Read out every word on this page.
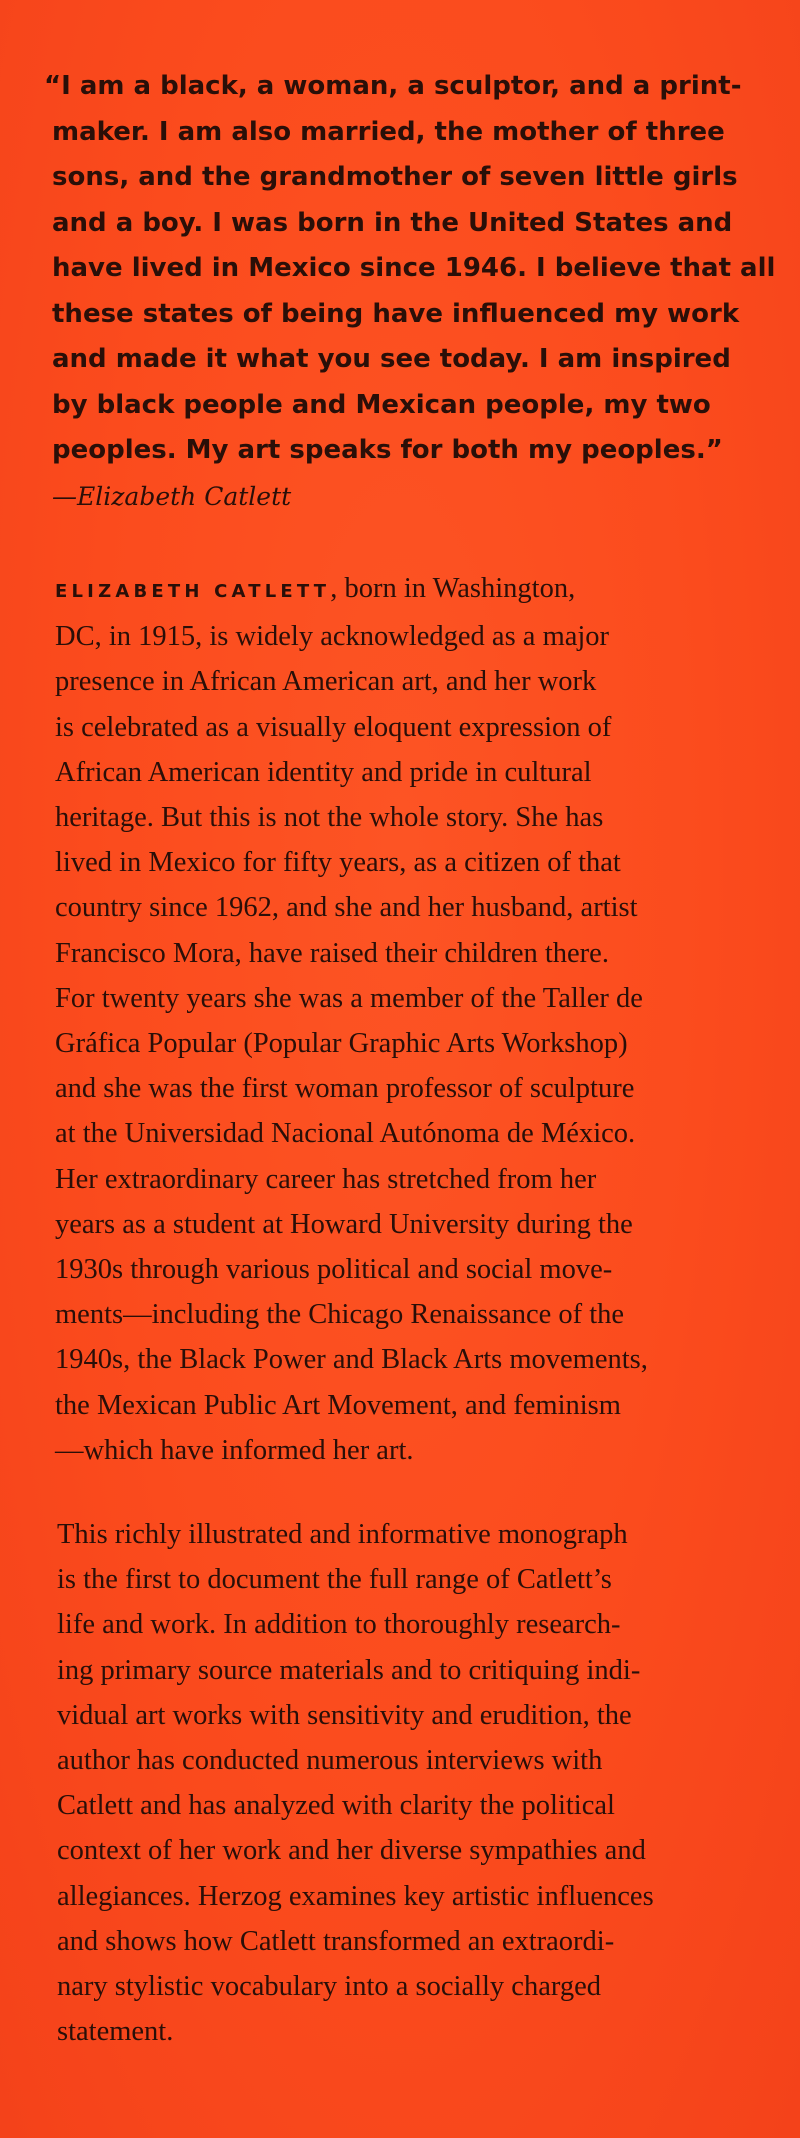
“I am a black, a woman, a sculptor, and a print-

maker. I am also married, the mother of three

sons, and the grandmother of seven little girls

and a boy. I was born in the United States and

have lived in Mexico since 1946. I believe that all

these states of being have influenced my work

and made it what you see today. I am inspired

by black people and Mexican people, my two

peoples. My art speaks for both my peoples.”

—Elizabeth Catlett

ELIZABETH CATLETT, born in Washington,

DC, in 1915, is widely acknowledged as a major

presence in African American art, and her work

is celebrated as a visually eloquent expression of

African American identity and pride in cultural

heritage. But this is not the whole story. She has

lived in Mexico for fifty years, as a citizen of that

country since 1962, and she and her husband, artist

Francisco Mora, have raised their children there.

For twenty years she was a member of the Taller de

Gráfica Popular (Popular Graphic Arts Workshop)

and she was the first woman professor of sculpture

at the Universidad Nacional Autónoma de México.

Her extraordinary career has stretched from her

years as a student at Howard University during the

1930s through various political and social move-

ments—including the Chicago Renaissance of the

1940s, the Black Power and Black Arts movements,

the Mexican Public Art Movement, and feminism

—which have informed her art.

This richly illustrated and informative monograph

is the first to document the full range of Catlett’s

life and work. In addition to thoroughly research-

ing primary source materials and to critiquing indi-

vidual art works with sensitivity and erudition, the

author has conducted numerous interviews with

Catlett and has analyzed with clarity the political

context of her work and her diverse sympathies and

allegiances. Herzog examines key artistic influences

and shows how Catlett transformed an extraordi-

nary stylistic vocabulary into a socially charged

statement.
